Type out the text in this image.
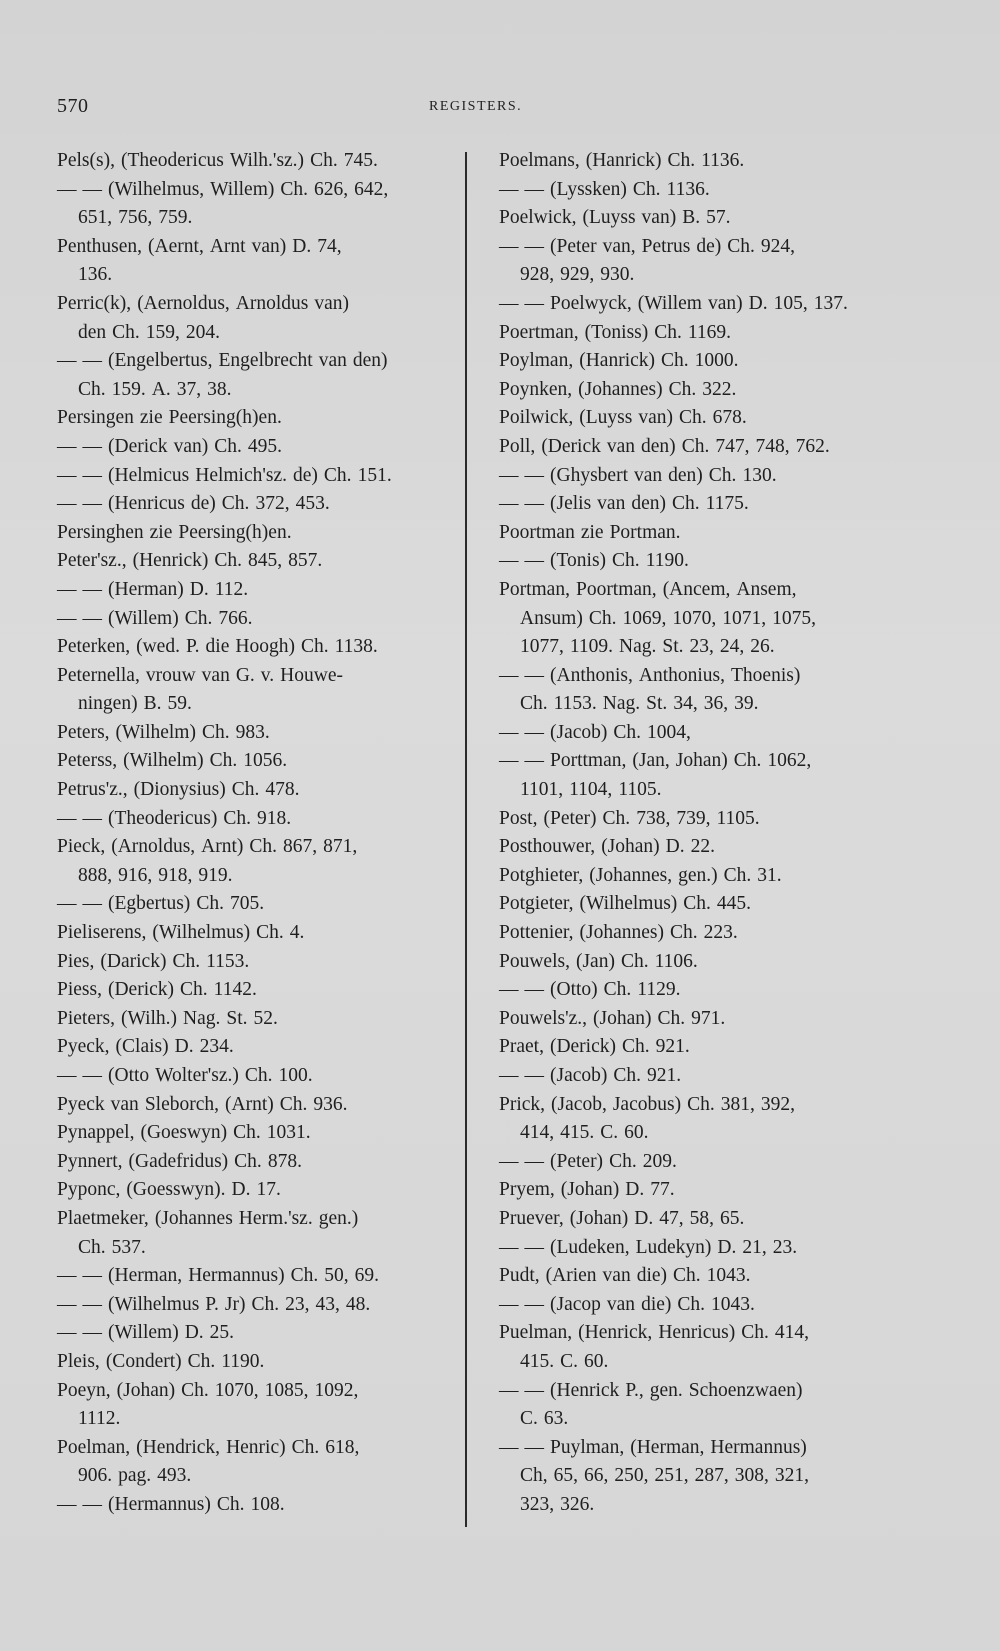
570	REGISTERS.
Pels(s), (Theodericus Wilh.'sz.) Ch. 745.
— — (Wilhelmus, Willem) Ch. 626, 642,
651, 756, 759.
Penthusen, (Aernt, Arnt van) D. 74,
136.
Perric(k), (Aernoldus, Arnoldus van)
den Ch. 159, 204.
— — (Engelbertus, Engelbrecht van den)
Ch. 159. A. 37, 38.
Persingen zie Peersing(h)en.
— — (Derick van) Ch. 495.
— — (Helmicus Helmich'sz. de) Ch. 151.
— — (Henricus de) Ch. 372, 453.
Persinghen zie Peersing(h)en.
Peter'sz., (Henrick) Ch. 845, 857.
— — (Herman) D. 112.
— — (Willem) Ch. 766.
Peterken, (wed. P. die Hoogh) Ch. 1138.
Peternella, vrouw van G. v. Houwe-
ningen) B. 59.
Peters, (Wilhelm) Ch. 983.
Peterss, (Wilhelm) Ch. 1056.
Petrus'z., (Dionysius) Ch. 478.
— — (Theodericus) Ch. 918.
Pieck, (Arnoldus, Arnt) Ch. 867, 871,
888, 916, 918, 919.
— — (Egbertus) Ch. 705.
Pieliserens, (Wilhelmus) Ch. 4.
Pies, (Darick) Ch. 1153.
Piess, (Derick) Ch. 1142.
Pieters, (Wilh.) Nag. St. 52.
Pyeck, (Clais) D. 234.
— — (Otto Wolter'sz.) Ch. 100.
Pyeck van Sleborch, (Arnt) Ch. 936.
Pynappel, (Goeswyn) Ch. 1031.
Pynnert, (Gadefridus) Ch. 878.
Pyponc, (Goesswyn). D. 17.
Plaetmeker, (Johannes Herm.'sz. gen.)
Ch. 537.
— — (Herman, Hermannus) Ch. 50, 69.
— — (Wilhelmus P. Jr) Ch. 23, 43, 48.
— — (Willem) D. 25.
Pleis, (Condert) Ch. 1190.
Poeyn, (Johan) Ch. 1070, 1085, 1092,
1112.
Poelman, (Hendrick, Henric) Ch. 618,
906. pag. 493.
— — (Hermannus) Ch. 108.
Poelmans, (Hanrick) Ch. 1136.
— — (Lyssken) Ch. 1136.
Poelwick, (Luyss van) B. 57.
— — (Peter van, Petrus de) Ch. 924,
928, 929, 930.
— — Poelwyck, (Willem van) D. 105, 137.
Poertman, (Toniss) Ch. 1169.
Poylman, (Hanrick) Ch. 1000.
Poynken, (Johannes) Ch. 322.
Poilwick, (Luyss van) Ch. 678.
Poll, (Derick van den) Ch. 747, 748, 762.
— — (Ghysbert van den) Ch. 130.
— — (Jelis van den) Ch. 1175.
Poortman zie Portman.
— — (Tonis) Ch. 1190.
Portman, Poortman, (Ancem, Ansem,
Ansum) Ch. 1069, 1070, 1071, 1075,
1077, 1109. Nag. St. 23, 24, 26.
— — (Anthonis, Anthonius, Thoenis)
Ch. 1153. Nag. St. 34, 36, 39.
— — (Jacob) Ch. 1004,
— — Porttman, (Jan, Johan) Ch. 1062,
1101, 1104, 1105.
Post, (Peter) Ch. 738, 739, 1105.
Posthouwer, (Johan) D. 22.
Potghieter, (Johannes, gen.) Ch. 31.
Potgieter, (Wilhelmus) Ch. 445.
Pottenier, (Johannes) Ch. 223.
Pouwels, (Jan) Ch. 1106.
— — (Otto) Ch. 1129.
Pouwels'z., (Johan) Ch. 971.
Praet, (Derick) Ch. 921.
— — (Jacob) Ch. 921.
Prick, (Jacob, Jacobus) Ch. 381, 392,
414, 415. C. 60.
— — (Peter) Ch. 209.
Pryem, (Johan) D. 77.
Pruever, (Johan) D. 47, 58, 65.
— — (Ludeken, Ludekyn) D. 21, 23.
Pudt, (Arien van die) Ch. 1043.
— — (Jacop van die) Ch. 1043.
Puelman, (Henrick, Henricus) Ch. 414,
415. C. 60.
— — (Henrick P., gen. Schoenzwaen)
C. 63.
— — Puylman, (Herman, Hermannus)
Ch, 65, 66, 250, 251, 287, 308, 321,
323, 326.
